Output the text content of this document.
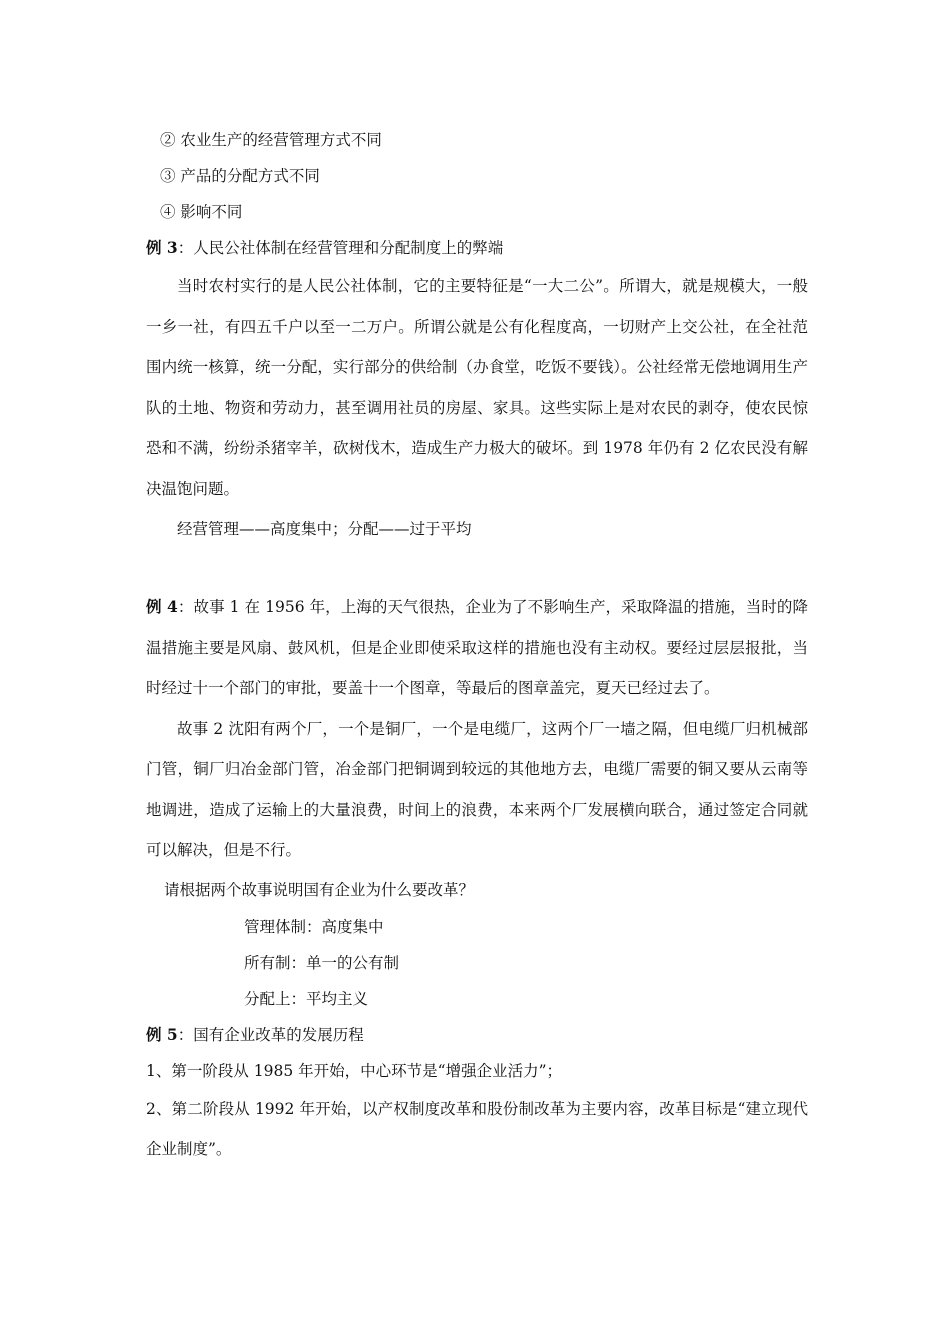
② 农业生产的经营管理方式不同
③ 产品的分配方式不同
④ 影响不同
例 3：人民公社体制在经营管理和分配制度上的弊端
当时农村实行的是人民公社体制，它的主要特征是“一大二公”。所谓大，就是规模大，一般一乡一社，有四五千户以至一二万户。所谓公就是公有化程度高，一切财产上交公社，在全社范围内统一核算，统一分配，实行部分的供给制（办食堂，吃饭不要钱）。公社经常无偿地调用生产队的土地、物资和劳动力，甚至调用社员的房屋、家具。这些实际上是对农民的剥夺，使农民惊恐和不满，纷纷杀猪宰羊，砍树伐木，造成生产力极大的破坏。到 1978 年仍有 2 亿农民没有解决温饱问题。
经营管理——高度集中；分配——过于平均
例 4：故事 1 在 1956 年，上海的天气很热，企业为了不影响生产，采取降温的措施，当时的降温措施主要是风扇、鼓风机，但是企业即使采取这样的措施也没有主动权。要经过层层报批，当时经过十一个部门的审批，要盖十一个图章，等最后的图章盖完，夏天已经过去了。
故事 2 沈阳有两个厂，一个是铜厂，一个是电缆厂，这两个厂一墙之隔，但电缆厂归机械部门管，铜厂归冶金部门管，冶金部门把铜调到较远的其他地方去，电缆厂需要的铜又要从云南等地调进，造成了运输上的大量浪费，时间上的浪费，本来两个厂发展横向联合，通过签定合同就可以解决，但是不行。
请根据两个故事说明国有企业为什么要改革？
管理体制：高度集中
所有制：单一的公有制
分配上：平均主义
例 5：国有企业改革的发展历程
1、第一阶段从 1985 年开始，中心环节是“增强企业活力”；
2、第二阶段从 1992 年开始，以产权制度改革和股份制改革为主要内容，改革目标是“建立现代企业制度”。
